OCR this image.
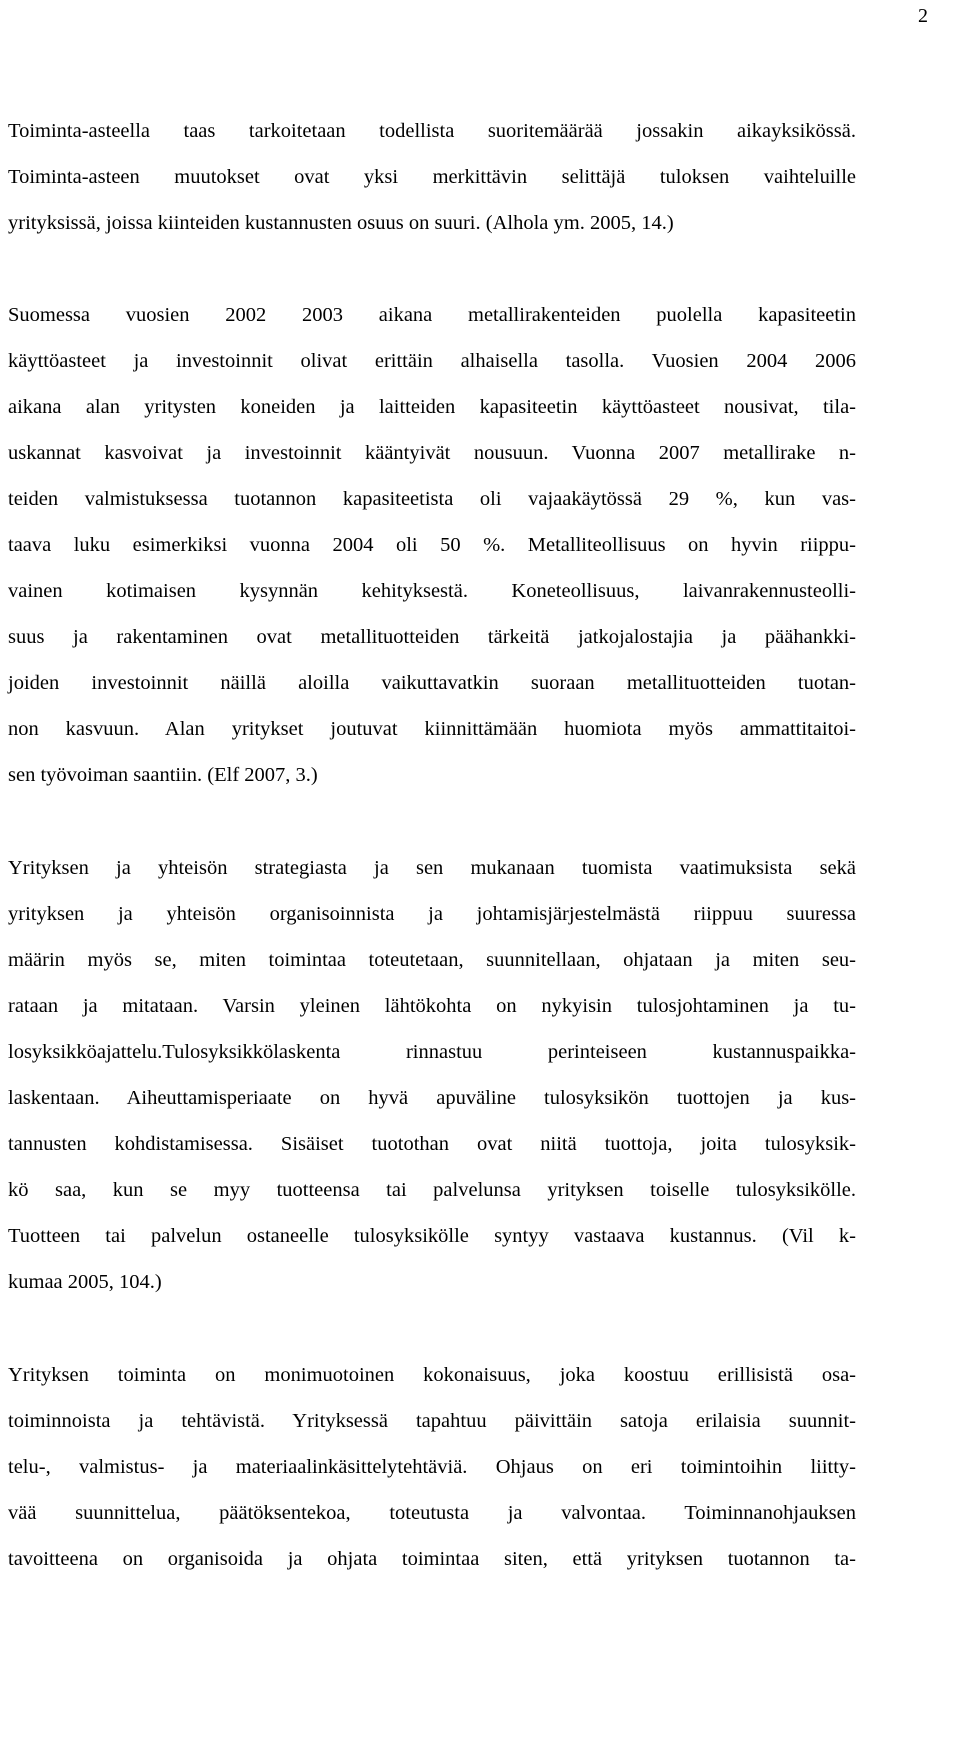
2
Toiminta-asteella taas tarkoitetaan todellista suoritemäärää jossakin aikayksikössä.
Toiminta-asteen muutokset ovat yksi merkittävin selittäjä tuloksen vaihteluille
yrityksissä, joissa kiinteiden kustannusten osuus on suuri. (Alhola ym. 2005, 14.)
Suomessa vuosien 2002 2003 aikana metallirakenteiden puolella kapasiteetin
käyttöasteet ja investoinnit olivat erittäin alhaisella tasolla. Vuosien 2004 2006
aikana alan yritysten koneiden ja laitteiden kapasiteetin käyttöasteet nousivat, tila-
uskannat kasvoivat ja investoinnit kääntyivät nousuun. Vuonna 2007 metallirake n-
teiden valmistuksessa tuotannon kapasiteetista oli vajaakäytössä 29 %, kun vas-
taava luku esimerkiksi vuonna 2004 oli 50 %. Metalliteollisuus on hyvin riippu-
vainen kotimaisen kysynnän kehityksestä. Koneteollisuus, laivanrakennusteolli-
suus ja rakentaminen ovat metallituotteiden tärkeitä jatkojalostajia ja päähankki-
joiden investoinnit näillä aloilla vaikuttavatkin suoraan metallituotteiden tuotan-
non kasvuun. Alan yritykset joutuvat kiinnittämään huomiota myös ammattitaitoi-
sen työvoiman saantiin. (Elf 2007, 3.)
Yrityksen ja yhteisön strategiasta ja sen mukanaan tuomista vaatimuksista sekä
yrityksen ja yhteisön organisoinnista ja johtamisjärjestelmästä riippuu suuressa
määrin myös se, miten toimintaa toteutetaan, suunnitellaan, ohjataan ja miten seu-
rataan ja mitataan. Varsin yleinen lähtökohta on nykyisin tulosjohtaminen ja tu-
losyksikköajattelu.Tulosyksikkölaskenta rinnastuu perinteiseen kustannuspaikka-
laskentaan. Aiheuttamisperiaate on hyvä apuväline tulosyksikön tuottojen ja kus-
tannusten kohdistamisessa. Sisäiset tuotothan ovat niitä tuottoja, joita tulosyksik-
kö saa, kun se myy tuotteensa tai palvelunsa yrityksen toiselle tulosyksikölle.
Tuotteen tai palvelun ostaneelle tulosyksikölle syntyy vastaava kustannus. (Vil k-
kumaa 2005, 104.)
Yrityksen toiminta on monimuotoinen kokonaisuus, joka koostuu erillisistä osa-
toiminnoista ja tehtävistä. Yrityksessä tapahtuu päivittäin satoja erilaisia suunnit-
telu-, valmistus- ja materiaalinkäsittelytehtäviä. Ohjaus on eri toimintoihin liitty-
vää suunnittelua, päätöksentekoa, toteutusta ja valvontaa. Toiminnanohjauksen
tavoitteena on organisoida ja ohjata toimintaa siten, että yrityksen tuotannon ta-
